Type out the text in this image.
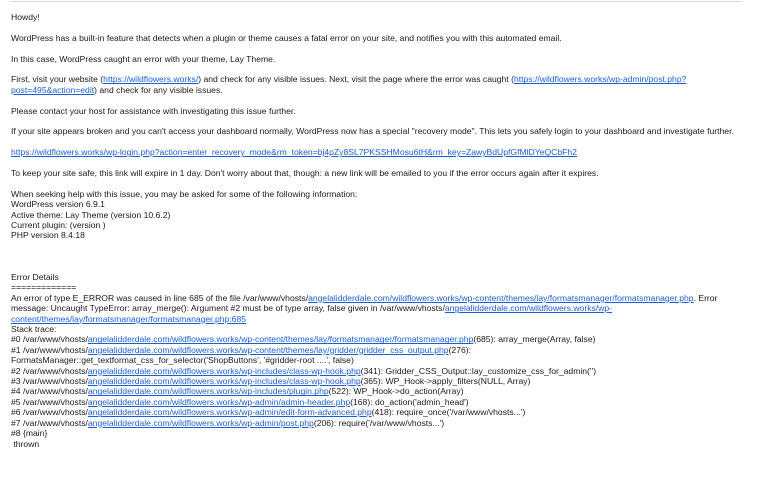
Howdy!

WordPress has a built-in feature that detects when a plugin or theme causes a fatal error on your site, and notifies you with this automated email.

In this case, WordPress caught an error with your theme, Lay Theme.

First, visit your website (https://wildflowers.works/) and check for any visible issues. Next, visit the page where the error was caught (https://wildflowers.works/wp-admin/post.php?post=495&action=edit) and check for any visible issues.

Please contact your host for assistance with investigating this issue further.

If your site appears broken and you can't access your dashboard normally, WordPress now has a special "recovery mode". This lets you safely login to your dashboard and investigate further.

https://wildflowers.works/wp-login.php?action=enter_recovery_mode&rm_token=bj4pZy8SL7PKSSHMosu6tH&rm_key=ZawyBdUpfGfMlDYeQCbFh2

To keep your site safe, this link will expire in 1 day. Don't worry about that, though: a new link will be emailed to you if the error occurs again after it expires.

When seeking help with this issue, you may be asked for some of the following information:
WordPress version 6.9.1
Active theme: Lay Theme (version 10.6.2)
Current plugin: (version )
PHP version 8.4.18
Error Details
=============
An error of type E_ERROR was caused in line 685 of the file /var/www/vhosts/angelalidderdale.com/wildflowers.works/wp-content/themes/lay/formatsmanager/formatsmanager.php. Error message: Uncaught TypeError: array_merge(): Argument #2 must be of type array, false given in /var/www/vhosts/angelalidderdale.com/wildflowers.works/wp-content/themes/lay/formatsmanager/formatsmanager.php:685
Stack trace:
#0 /var/www/vhosts/angelalidderdale.com/wildflowers.works/wp-content/themes/lay/formatsmanager/formatsmanager.php(685): array_merge(Array, false)
#1 /var/www/vhosts/angelalidderdale.com/wildflowers.works/wp-content/themes/lay/gridder/gridder_css_output.php(276):
FormatsManager::get_textformat_css_for_selector('ShopButtons', '#gridder-root ....', false)
#2 /var/www/vhosts/angelalidderdale.com/wildflowers.works/wp-includes/class-wp-hook.php(341): Gridder_CSS_Output::lay_customize_css_for_admin('')
#3 /var/www/vhosts/angelalidderdale.com/wildflowers.works/wp-includes/class-wp-hook.php(365): WP_Hook->apply_filters(NULL, Array)
#4 /var/www/vhosts/angelalidderdale.com/wildflowers.works/wp-includes/plugin.php(522): WP_Hook->do_action(Array)
#5 /var/www/vhosts/angelalidderdale.com/wildflowers.works/wp-admin/admin-header.php(168): do_action('admin_head')
#6 /var/www/vhosts/angelalidderdale.com/wildflowers.works/wp-admin/edit-form-advanced.php(418): require_once('/var/www/vhosts...')
#7 /var/www/vhosts/angelalidderdale.com/wildflowers.works/wp-admin/post.php(206): require('/var/www/vhosts...')
#8 {main}
thrown
